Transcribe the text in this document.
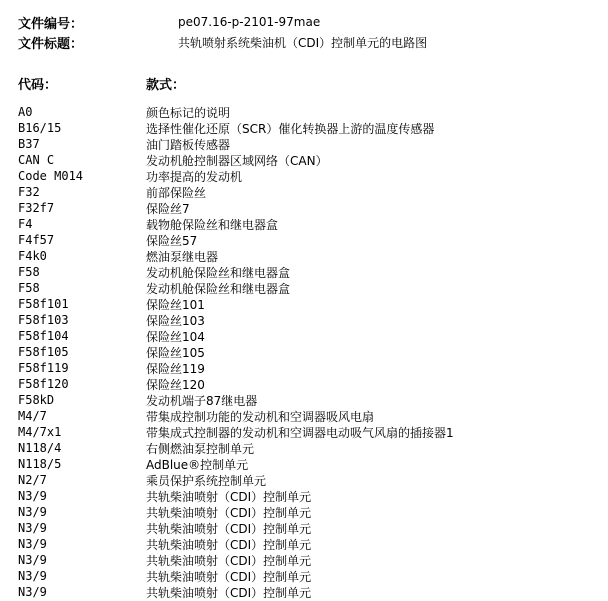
文件编号：	pe07.16-p-2101-97mae
文件标题：	共轨喷射系统柴油机（CDI）控制单元的电路图
代码：	款式：
A0	颜色标记的说明
B16/15	选择性催化还原（SCR）催化转换器上游的温度传感器
B37	油门踏板传感器
CAN C	发动机舱控制器区域网络（CAN）
Code M014	功率提高的发动机
F32	前部保险丝
F32f7	保险丝7
F4	载物舱保险丝和继电器盒
F4f57	保险丝57
F4k0	燃油泵继电器
F58	发动机舱保险丝和继电器盒
F58	发动机舱保险丝和继电器盒
F58f101	保险丝101
F58f103	保险丝103
F58f104	保险丝104
F58f105	保险丝105
F58f119	保险丝119
F58f120	保险丝120
F58kD	发动机端子87继电器
M4/7	带集成控制功能的发动机和空调器吸风电扇
M4/7x1	带集成式控制器的发动机和空调器电动吸气风扇的插接器1
N118/4	右侧燃油泵控制单元
N118/5	AdBlue®控制单元
N2/7	乘员保护系统控制单元
N3/9	共轨柴油喷射（CDI）控制单元
N3/9	共轨柴油喷射（CDI）控制单元
N3/9	共轨柴油喷射（CDI）控制单元
N3/9	共轨柴油喷射（CDI）控制单元
N3/9	共轨柴油喷射（CDI）控制单元
N3/9	共轨柴油喷射（CDI）控制单元
N3/9	共轨柴油喷射（CDI）控制单元
